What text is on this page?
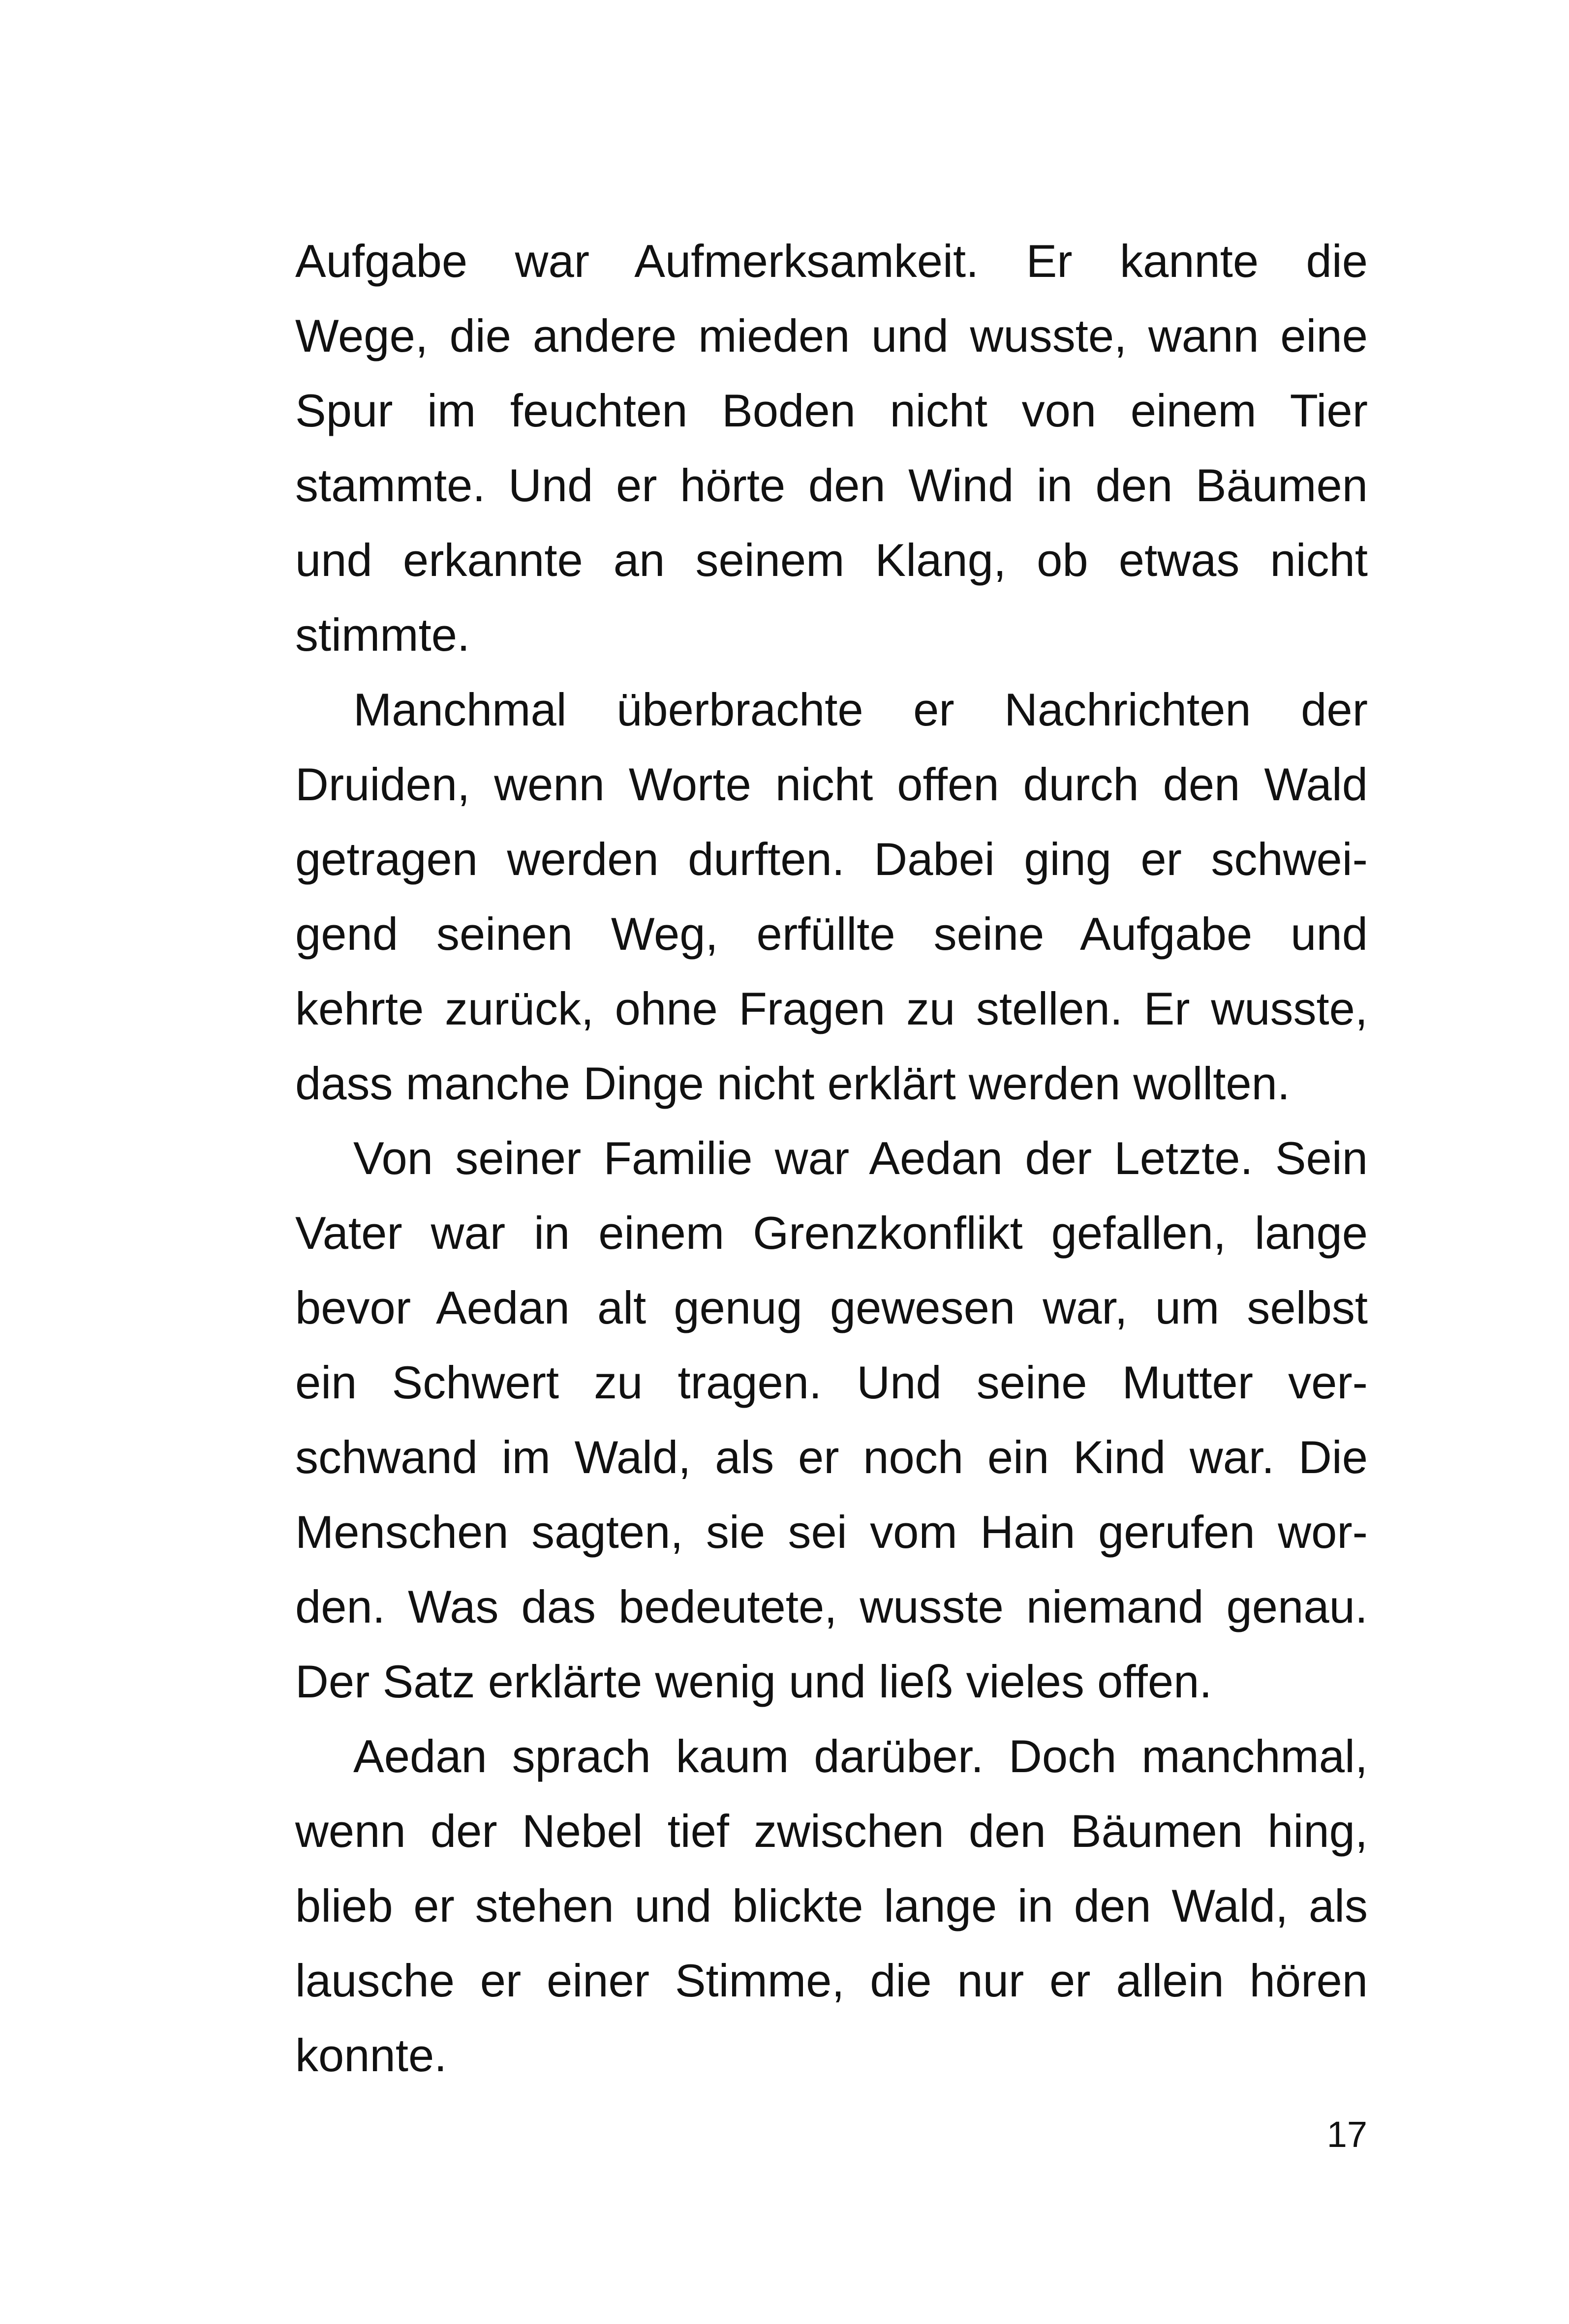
Aufgabe war Aufmerksamkeit. Er kannte die
Wege, die andere mieden und wusste, wann eine
Spur im feuchten Boden nicht von einem Tier
stammte. Und er hörte den Wind in den Bäumen
und erkannte an seinem Klang, ob etwas nicht
stimmte.
Manchmal überbrachte er Nachrichten der
Druiden, wenn Worte nicht offen durch den Wald
getragen werden durften. Dabei ging er schwei-
gend seinen Weg, erfüllte seine Aufgabe und
kehrte zurück, ohne Fragen zu stellen. Er wusste,
dass manche Dinge nicht erklärt werden wollten.
Von seiner Familie war Aedan der Letzte. Sein
Vater war in einem Grenzkonflikt gefallen, lange
bevor Aedan alt genug gewesen war, um selbst
ein Schwert zu tragen. Und seine Mutter ver-
schwand im Wald, als er noch ein Kind war. Die
Menschen sagten, sie sei vom Hain gerufen wor-
den. Was das bedeutete, wusste niemand genau.
Der Satz erklärte wenig und ließ vieles offen.
Aedan sprach kaum darüber. Doch manchmal,
wenn der Nebel tief zwischen den Bäumen hing,
blieb er stehen und blickte lange in den Wald, als
lausche er einer Stimme, die nur er allein hören
konnte.
17
